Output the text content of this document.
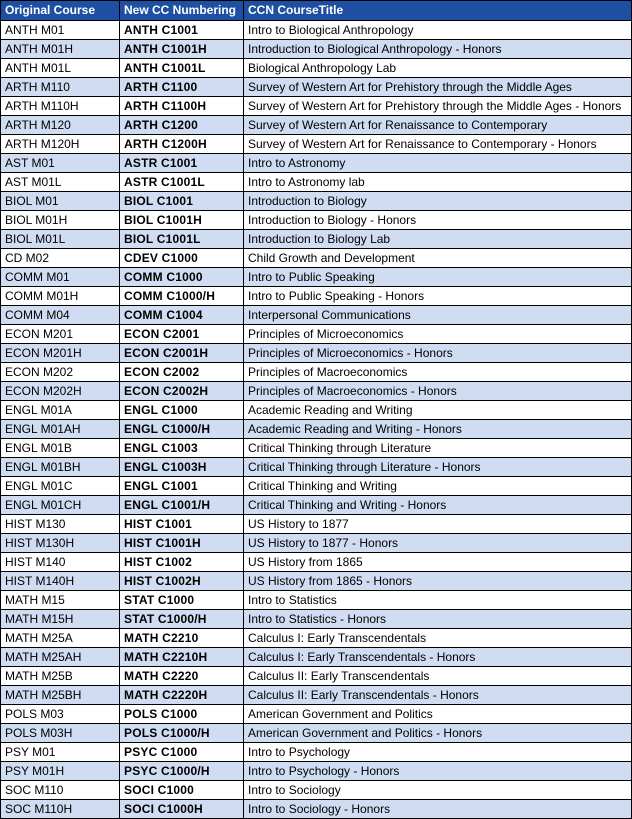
Original Course	New CC Numbering	CCN CourseTitle
ANTH M01	ANTH C1001	Intro to Biological Anthropology
ANTH M01H	ANTH C1001H	Introduction to Biological Anthropology - Honors
ANTH M01L	ANTH C1001L	Biological Anthropology Lab
ARTH M110	ARTH C1100	Survey of Western Art for Prehistory through the Middle Ages
ARTH M110H	ARTH C1100H	Survey of Western Art for Prehistory through the Middle Ages - Honors
ARTH M120	ARTH C1200	Survey of Western Art for Renaissance to Contemporary
ARTH M120H	ARTH C1200H	Survey of Western Art for Renaissance to Contemporary - Honors
AST M01	ASTR C1001	Intro to Astronomy
AST M01L	ASTR C1001L	Intro to Astronomy lab
BIOL M01	BIOL C1001	Introduction to Biology
BIOL M01H	BIOL C1001H	Introduction to Biology - Honors
BIOL M01L	BIOL C1001L	Introduction to Biology Lab
CD M02	CDEV C1000	Child Growth and Development
COMM M01	COMM C1000	Intro to Public Speaking
COMM M01H	COMM C1000/H	Intro to Public Speaking - Honors
COMM M04	COMM C1004	Interpersonal Communications
ECON M201	ECON C2001	Principles of Microeconomics
ECON M201H	ECON C2001H	Principles of Microeconomics - Honors
ECON M202	ECON C2002	Principles of Macroeconomics
ECON M202H	ECON C2002H	Principles of Macroeconomics - Honors
ENGL M01A	ENGL C1000	Academic Reading and Writing
ENGL M01AH	ENGL C1000/H	Academic Reading and Writing - Honors
ENGL M01B	ENGL C1003	Critical Thinking through Literature
ENGL M01BH	ENGL C1003H	Critical Thinking through Literature - Honors
ENGL M01C	ENGL C1001	Critical Thinking and Writing
ENGL M01CH	ENGL C1001/H	Critical Thinking and Writing - Honors
HIST M130	HIST C1001	US History to 1877
HIST M130H	HIST C1001H	US History to 1877 - Honors
HIST M140	HIST C1002	US History from 1865
HIST M140H	HIST C1002H	US History from 1865 - Honors
MATH M15	STAT C1000	Intro to Statistics
MATH M15H	STAT C1000/H	Intro to Statistics - Honors
MATH M25A	MATH C2210	Calculus I: Early Transcendentals
MATH M25AH	MATH C2210H	Calculus I: Early Transcendentals - Honors
MATH M25B	MATH C2220	Calculus II: Early Transcendentals
MATH M25BH	MATH C2220H	Calculus II: Early Transcendentals - Honors
POLS M03	POLS C1000	American Government and Politics
POLS M03H	POLS C1000/H	American Government and Politics - Honors
PSY M01	PSYC C1000	Intro to Psychology
PSY M01H	PSYC C1000/H	Intro to Psychology - Honors
SOC M110	SOCI C1000	Intro to Sociology
SOC M110H	SOCI C1000H	Intro to Sociology - Honors
